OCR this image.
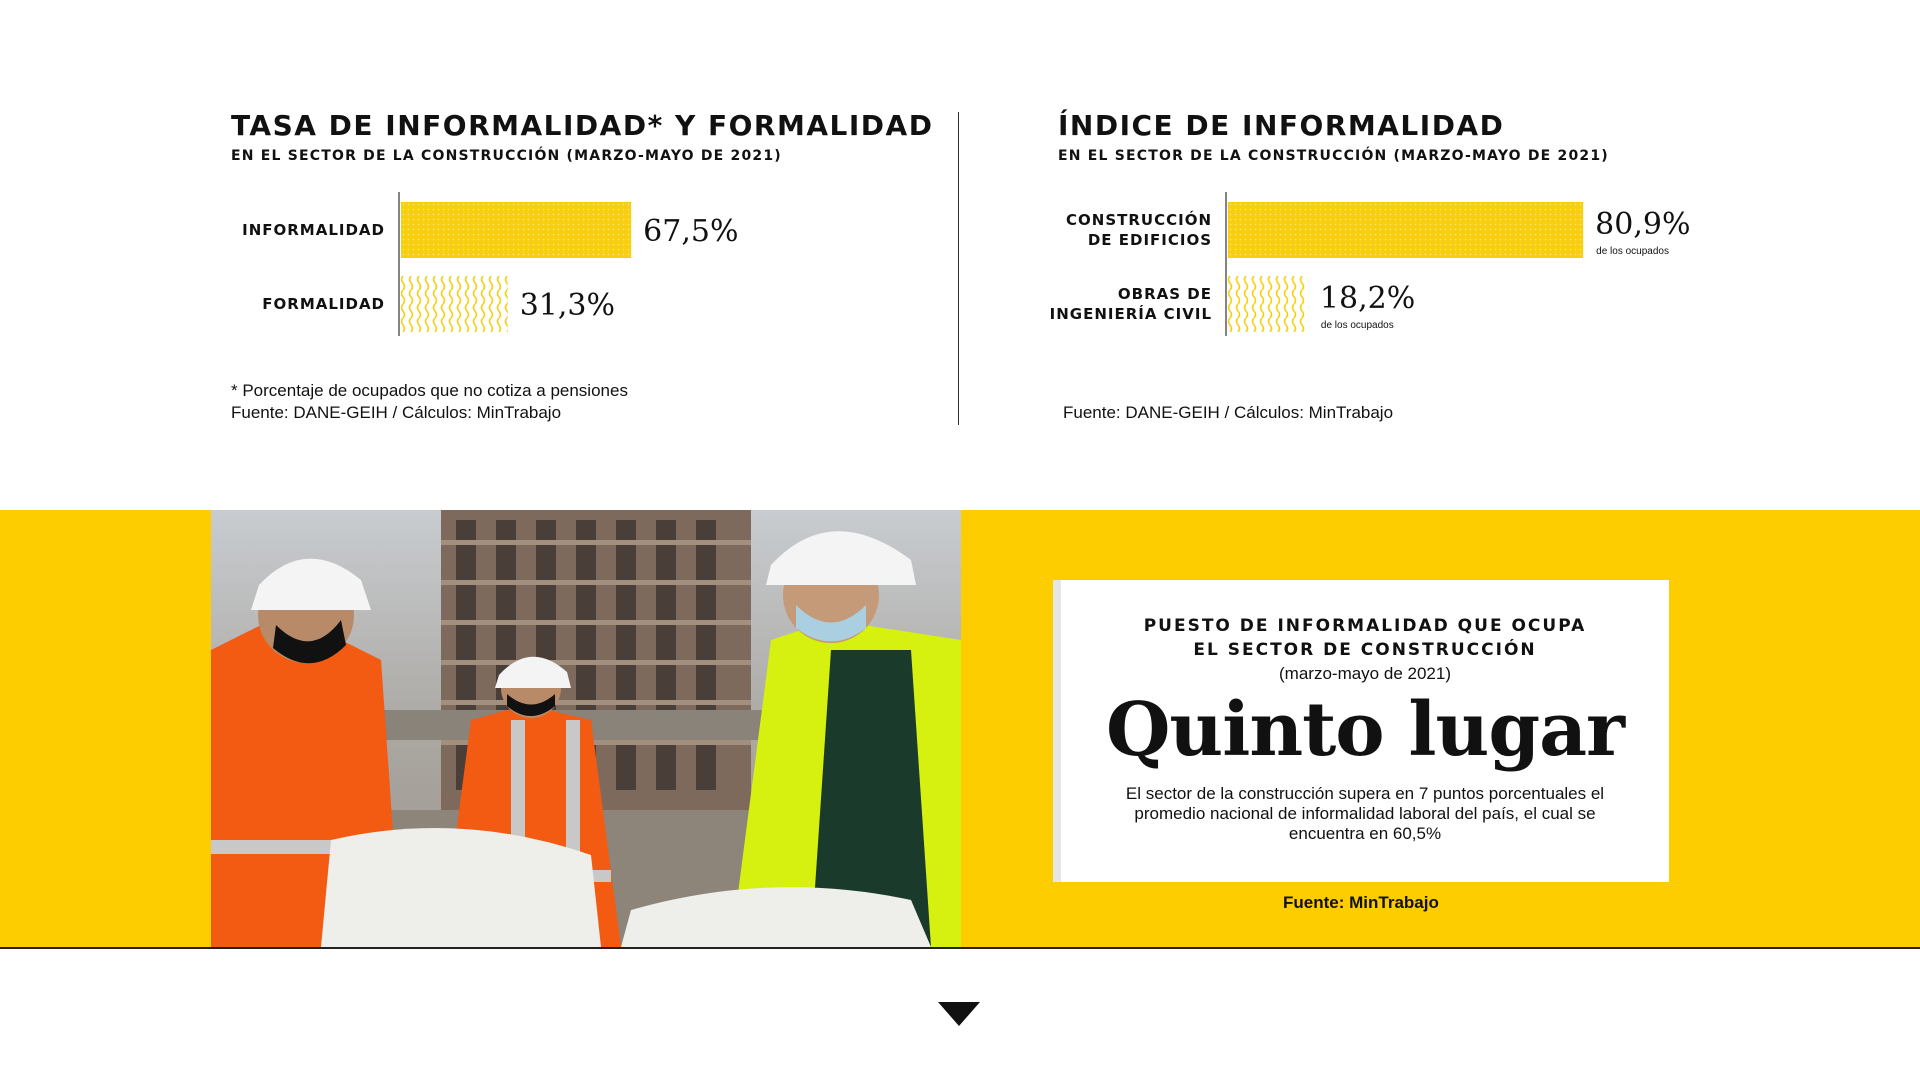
TASA DE INFORMALIDAD* Y FORMALIDAD
EN EL SECTOR DE LA CONSTRUCCIÓN (MARZO-MAYO DE 2021)
INFORMALIDAD	67,5%
FORMALIDAD	31,3%
* Porcentaje de ocupados que no cotiza a pensiones
Fuente: DANE-GEIH / Cálculos: MinTrabajo
ÍNDICE DE INFORMALIDAD
EN EL SECTOR DE LA CONSTRUCCIÓN (MARZO-MAYO DE 2021)
CONSTRUCCIÓN
DE EDIFICIOS	80,9%
de los ocupados
OBRAS DE
INGENIERÍA CIVIL	18,2%
de los ocupados
Fuente: DANE-GEIH / Cálculos: MinTrabajo
PUESTO DE INFORMALIDAD QUE OCUPA
EL SECTOR DE CONSTRUCCIÓN
(marzo-mayo de 2021)
Quinto lugar
El sector de la construcción supera en 7 puntos porcentuales el promedio nacional de informalidad laboral del país, el cual se encuentra en 60,5%
Fuente: MinTrabajo
